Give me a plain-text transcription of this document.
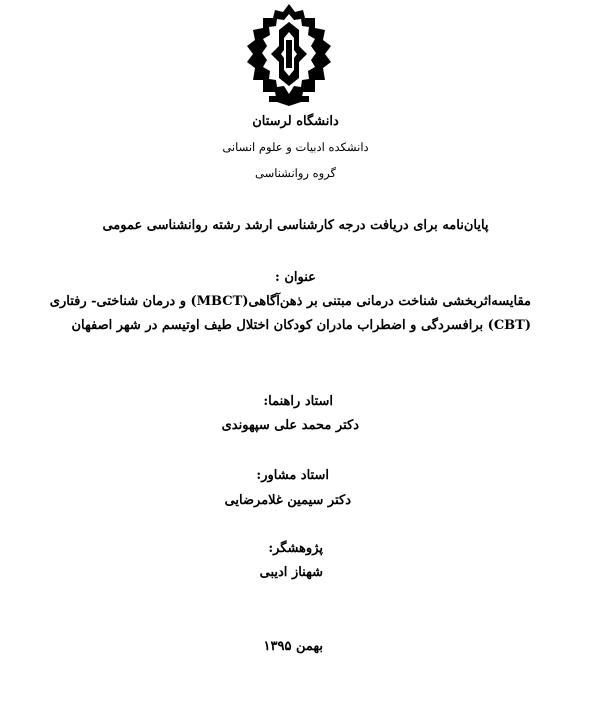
دانشگاه لرستان
دانشکده ادبیات و علوم انسانی
گروه روانشناسی
پایان‌نامه برای دریافت درجه کارشناسی ارشد رشته روانشناسی عمومی
عنوان :
مقایسه‌اثربخشی شناخت درمانی مبتنی بر ذهن‌آگاهی(MBCT) و درمان شناختی- رفتاری
(CBT) برافسردگی و اضطراب مادران کودکان اختلال طیف اوتیسم در شهر اصفهان
استاد راهنما:
دکتر محمد علی سپهوندی
استاد مشاور:
دکتر سیمین غلامرضایی
پژوهشگر:
شهناز ادیبی
بهمن ۱۳۹۵
